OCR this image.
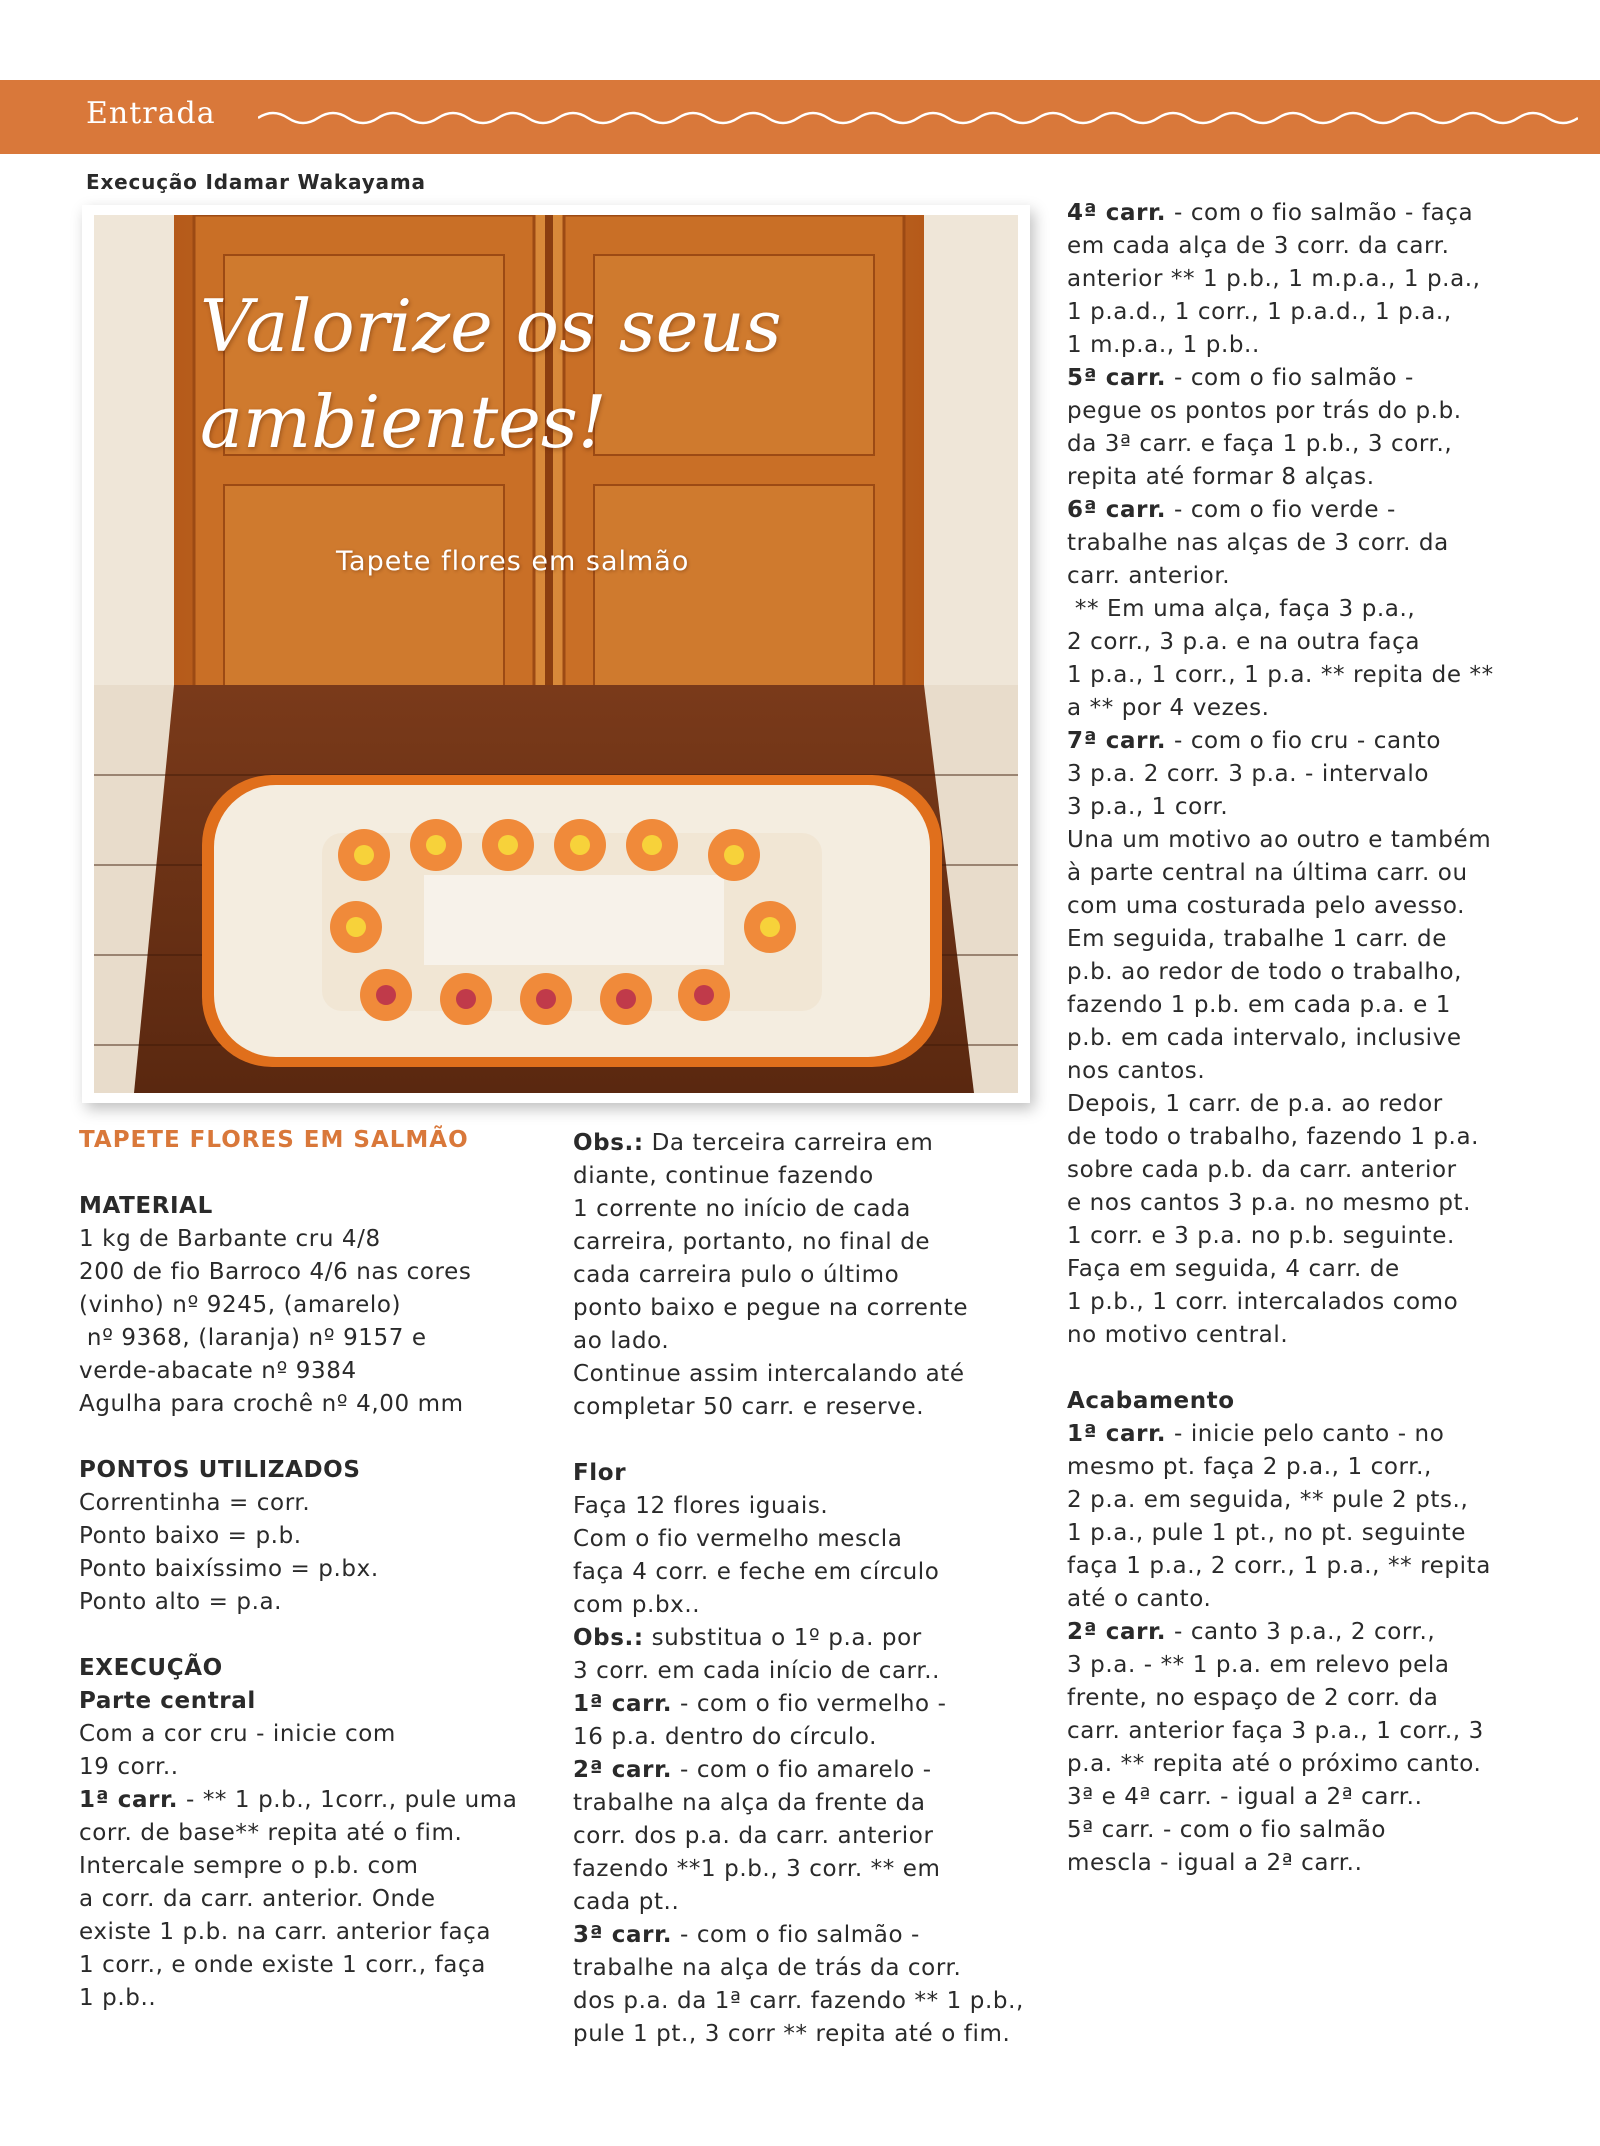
Entrada
Execução Idamar Wakayama
Valorize os seus
ambientes!
Tapete flores em salmão

TAPETE FLORES EM SALMÃO

MATERIAL

1 kg de Barbante cru 4/8

200 de fio Barroco 4/6 nas cores

(vinho) nº 9245, (amarelo)

nº 9368, (laranja) nº 9157 e

verde-abacate nº 9384

Agulha para crochê nº 4,00 mm

PONTOS UTILIZADOS

Correntinha = corr.

Ponto baixo = p.b.

Ponto baixíssimo = p.bx.

Ponto alto = p.a.

EXECUÇÃO

Parte central

Com a cor cru - inicie com

19 corr..

1ª carr. - ** 1 p.b., 1corr., pule uma

corr. de base** repita até o fim.

Intercale sempre o p.b. com

a corr. da carr. anterior. Onde

existe 1 p.b. na carr. anterior faça

1 corr., e onde existe 1 corr., faça

1 p.b..

Obs.: Da terceira carreira em

diante, continue fazendo

1 corrente no início de cada

carreira, portanto, no final de

cada carreira pulo o último

ponto baixo e pegue na corrente

ao lado.

Continue assim intercalando até

completar 50 carr. e reserve.

Flor

Faça 12 flores iguais.

Com o fio vermelho mescla

faça 4 corr. e feche em círculo

com p.bx..

Obs.: substitua o 1º p.a. por

3 corr. em cada início de carr..

1ª carr. - com o fio vermelho -

16 p.a. dentro do círculo.

2ª carr. - com o fio amarelo -

trabalhe na alça da frente da

corr. dos p.a. da carr. anterior

fazendo **1 p.b., 3 corr. ** em

cada pt..

3ª carr. - com o fio salmão -

trabalhe na alça de trás da corr.

dos p.a. da 1ª carr. fazendo ** 1 p.b.,

pule 1 pt., 3 corr ** repita até o fim.

4ª carr. - com o fio salmão - faça

em cada alça de 3 corr. da carr.

anterior ** 1 p.b., 1 m.p.a., 1 p.a.,

1 p.a.d., 1 corr., 1 p.a.d., 1 p.a.,

1 m.p.a., 1 p.b..

5ª carr. - com o fio salmão -

pegue os pontos por trás do p.b.

da 3ª carr. e faça 1 p.b., 3 corr.,

repita até formar 8 alças.

6ª carr. - com o fio verde -

trabalhe nas alças de 3 corr. da

carr. anterior.

** Em uma alça, faça 3 p.a.,

2 corr., 3 p.a. e na outra faça

1 p.a., 1 corr., 1 p.a. ** repita de **

a ** por 4 vezes.

7ª carr. - com o fio cru - canto

3 p.a. 2 corr. 3 p.a. - intervalo

3 p.a., 1 corr.

Una um motivo ao outro e também

à parte central na última carr. ou

com uma costurada pelo avesso.

Em seguida, trabalhe 1 carr. de

p.b. ao redor de todo o trabalho,

fazendo 1 p.b. em cada p.a. e 1

p.b. em cada intervalo, inclusive

nos cantos.

Depois, 1 carr. de p.a. ao redor

de todo o trabalho, fazendo 1 p.a.

sobre cada p.b. da carr. anterior

e nos cantos 3 p.a. no mesmo pt.

1 corr. e 3 p.a. no p.b. seguinte.

Faça em seguida, 4 carr. de

1 p.b., 1 corr. intercalados como

no motivo central.

Acabamento

1ª carr. - inicie pelo canto - no

mesmo pt. faça 2 p.a., 1 corr.,

2 p.a. em seguida, ** pule 2 pts.,

1 p.a., pule 1 pt., no pt. seguinte

faça 1 p.a., 2 corr., 1 p.a., ** repita

até o canto.

2ª carr. - canto 3 p.a., 2 corr.,

3 p.a. - ** 1 p.a. em relevo pela

frente, no espaço de 2 corr. da

carr. anterior faça 3 p.a., 1 corr., 3

p.a. ** repita até o próximo canto.

3ª e 4ª carr. - igual a 2ª carr..

5ª carr. - com o fio salmão

mescla - igual a 2ª carr..
